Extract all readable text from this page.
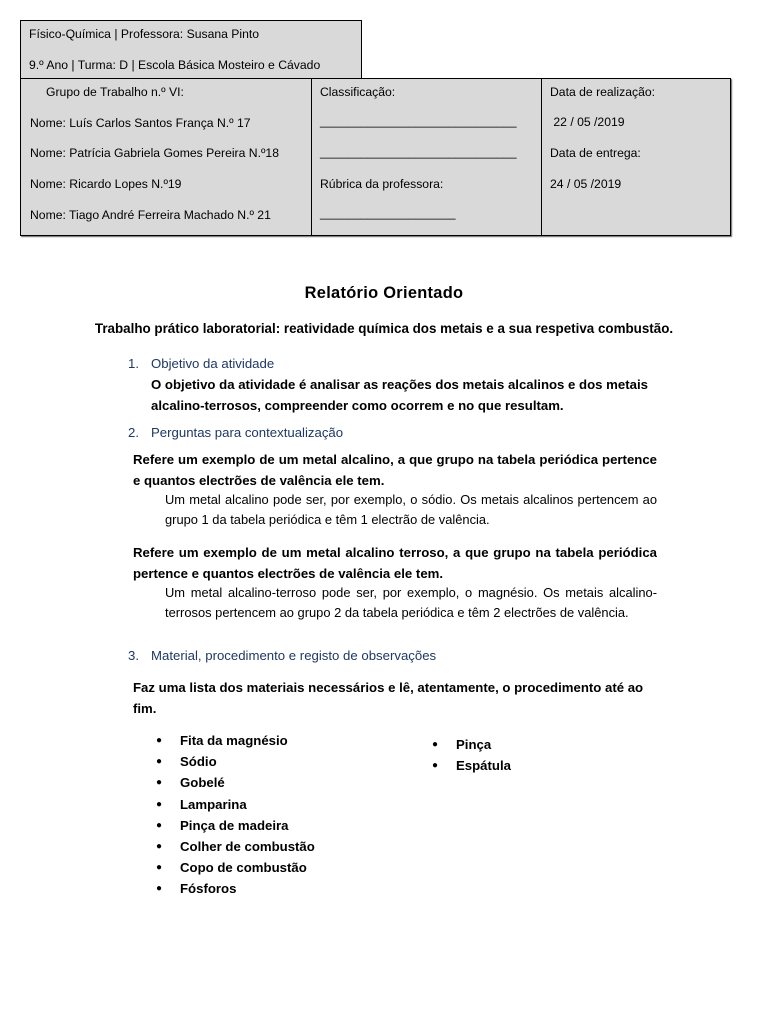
Físico-Química | Professora: Susana Pinto
9.º Ano | Turma: D | Escola Básica Mosteiro e Cávado
Grupo de Trabalho n.º VI:
Nome: Luís Carlos Santos França N.º 17
Nome: Patrícia Gabriela Gomes Pereira N.º18
Nome: Ricardo Lopes N.º19
Nome: Tiago André Ferreira Machado N.º 21
Classificação:
_____________________________
_____________________________
Rúbrica da professora:
____________________
Data de realização:
22 / 05 /2019
Data de entrega:
24 / 05 /2019
Relatório Orientado
Trabalho prático laboratorial: reatividade química dos metais e a sua respetiva combustão.
1. Objetivo da atividade
O objetivo da atividade é analisar as reações dos metais alcalinos e dos metais alcalino-terrosos, compreender como ocorrem e no que resultam.
2. Perguntas para contextualização
Refere um exemplo de um metal alcalino, a que grupo na tabela periódica pertence e quantos electrões de valência ele tem.
Um metal alcalino pode ser, por exemplo, o sódio. Os metais alcalinos pertencem ao grupo 1 da tabela periódica e têm 1 electrão de valência.
Refere um exemplo de um metal alcalino terroso, a que grupo na tabela periódica pertence e quantos electrões de valência ele tem.
Um metal alcalino-terroso pode ser, por exemplo, o magnésio. Os metais alcalino-terrosos pertencem ao grupo 2 da tabela periódica e têm 2 electrões de valência.
3. Material, procedimento e registo de observações
Faz uma lista dos materiais necessários e lê, atentamente, o procedimento até ao fim.
● Fita da magnésio
● Sódio
● Gobelé
● Lamparina
● Pinça de madeira
● Colher de combustão
● Copo de combustão
● Fósforos
● Pinça
● Espátula
